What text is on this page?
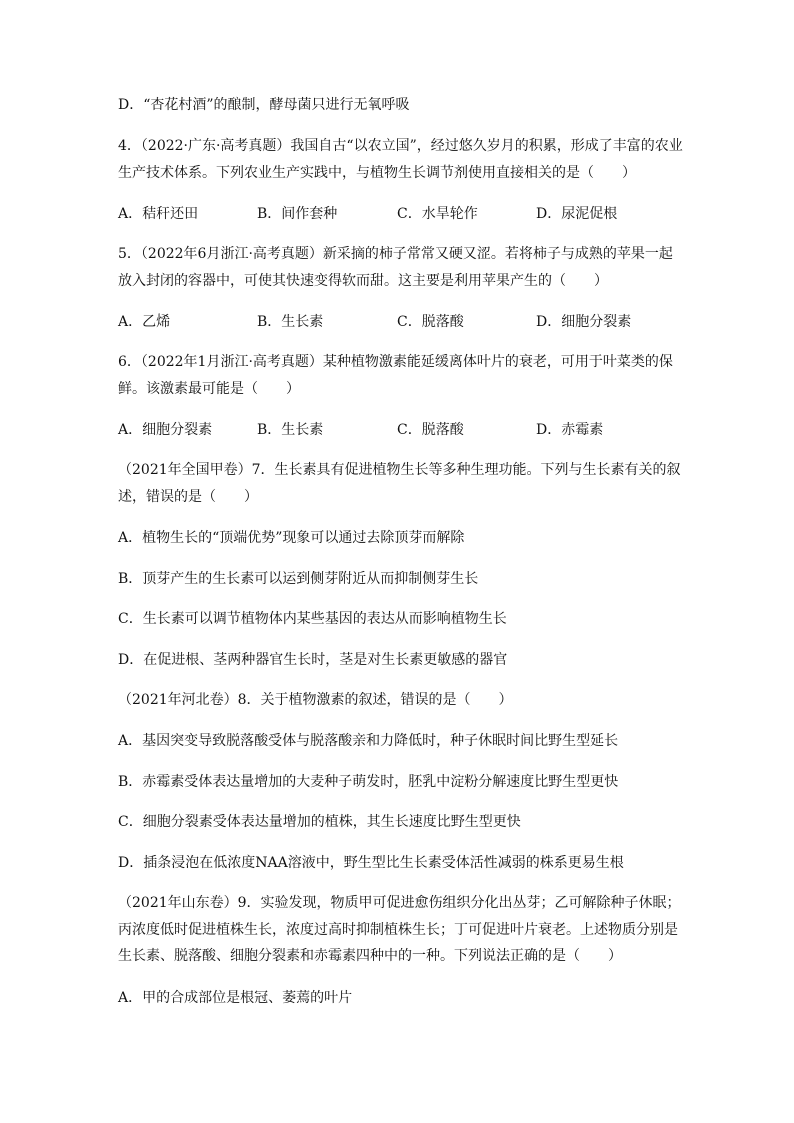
D．“杏花村酒”的酿制，酵母菌只进行无氧呼吸
4．（2022·广东·高考真题）我国自古“以农立国”，经过悠久岁月的积累，形成了丰富的农业
生产技术体系。下列农业生产实践中，与植物生长调节剂使用直接相关的是（　　）
A．秸秆还田	B．间作套种	C．水旱轮作	D．尿泥促根
5．（2022年6月浙江·高考真题）新采摘的柿子常常又硬又涩。若将柿子与成熟的苹果一起
放入封闭的容器中，可使其快速变得软而甜。这主要是利用苹果产生的（　　）
A．乙烯	B．生长素	C．脱落酸	D．细胞分裂素
6．（2022年1月浙江·高考真题）某种植物激素能延缓离体叶片的衰老，可用于叶菜类的保
鲜。该激素最可能是（　　）
A．细胞分裂素	B．生长素	C．脱落酸	D．赤霉素
（2021年全国甲卷）7．生长素具有促进植物生长等多种生理功能。下列与生长素有关的叙
述，错误的是（　　）
A．植物生长的“顶端优势”现象可以通过去除顶芽而解除
B．顶芽产生的生长素可以运到侧芽附近从而抑制侧芽生长
C．生长素可以调节植物体内某些基因的表达从而影响植物生长
D．在促进根、茎两种器官生长时，茎是对生长素更敏感的器官
（2021年河北卷）8．关于植物激素的叙述，错误的是（　　）
A．基因突变导致脱落酸受体与脱落酸亲和力降低时，种子休眠时间比野生型延长
B．赤霉素受体表达量增加的大麦种子萌发时，胚乳中淀粉分解速度比野生型更快
C．细胞分裂素受体表达量增加的植株，其生长速度比野生型更快
D．插条浸泡在低浓度NAA溶液中，野生型比生长素受体活性减弱的株系更易生根
（2021年山东卷）9．实验发现，物质甲可促进愈伤组织分化出丛芽；乙可解除种子休眠；
丙浓度低时促进植株生长，浓度过高时抑制植株生长；丁可促进叶片衰老。上述物质分别是
生长素、脱落酸、细胞分裂素和赤霉素四种中的一种。下列说法正确的是（　　）
A．甲的合成部位是根冠、萎蔫的叶片
